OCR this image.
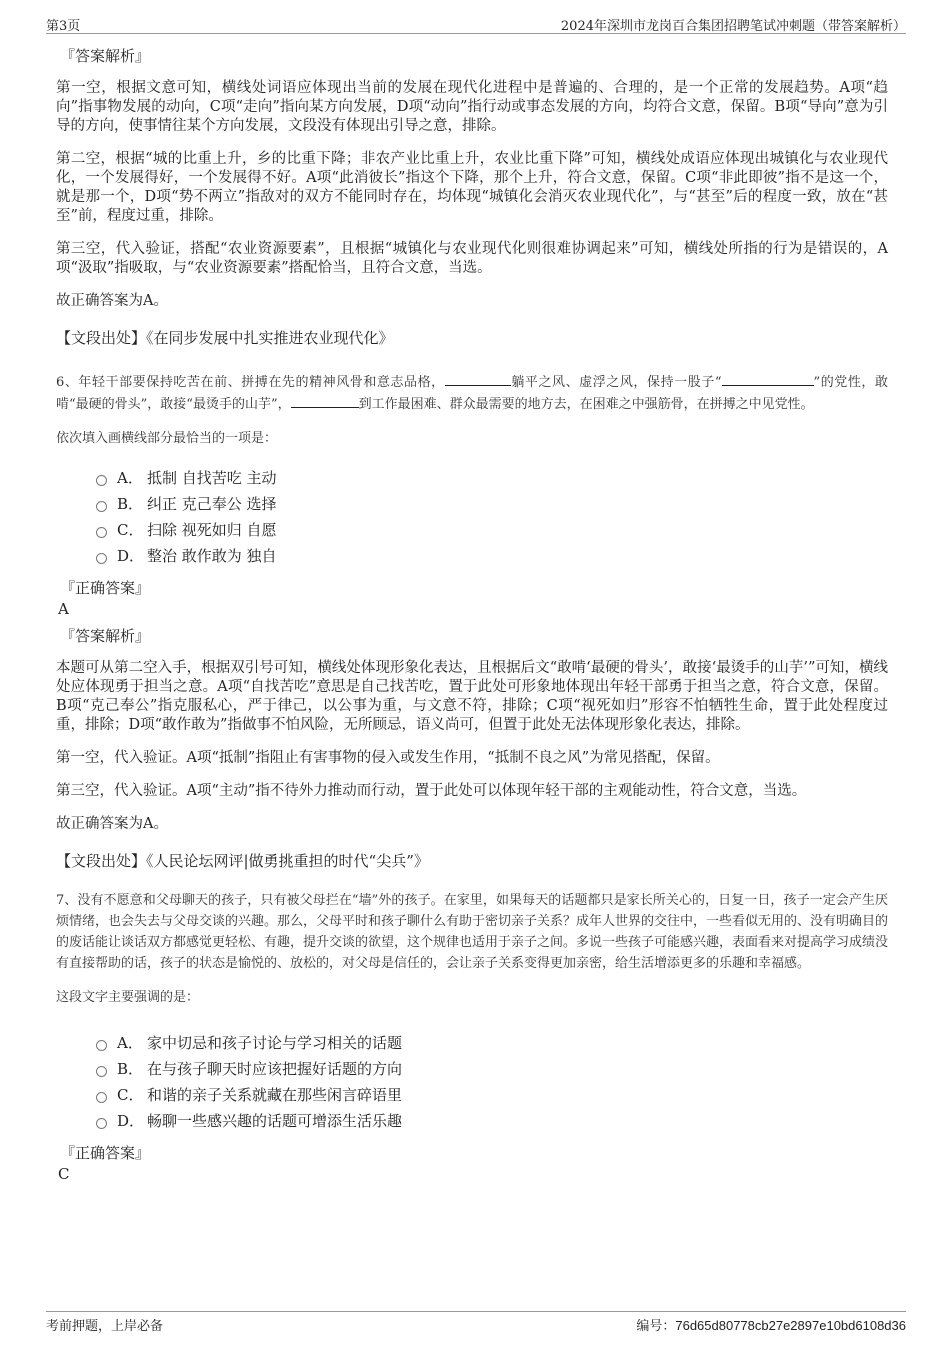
第3页	2024年深圳市龙岗百合集团招聘笔试冲刺题（带答案解析）
『答案解析』
第一空，根据文意可知，横线处词语应体现出当前的发展在现代化进程中是普遍的、合理的，是一个正常的发展趋势。A项“趋向”指事物发展的动向，C项“走向”指向某方向发展，D项“动向”指行动或事态发展的方向，均符合文意，保留。B项“导向”意为引导的方向，使事情往某个方向发展，文段没有体现出引导之意，排除。
第二空，根据“城的比重上升，乡的比重下降；非农产业比重上升，农业比重下降”可知，横线处成语应体现出城镇化与农业现代化，一个发展得好，一个发展得不好。A项“此消彼长”指这个下降，那个上升，符合文意，保留。C项“非此即彼”指不是这一个，就是那一个，D项“势不两立”指敌对的双方不能同时存在，均体现“城镇化会消灭农业现代化”，与“甚至”后的程度一致，放在“甚至”前，程度过重，排除。
第三空，代入验证，搭配“农业资源要素”，且根据“城镇化与农业现代化则很难协调起来”可知，横线处所指的行为是错误的，A项“汲取”指吸取，与“农业资源要素”搭配恰当，且符合文意，当选。
故正确答案为A。
【文段出处】《在同步发展中扎实推进农业现代化》
6、年轻干部要保持吃苦在前、拼搏在先的精神风骨和意志品格，	躺平之风、虚浮之风，保持一股子“	”的党性，敢啃“最硬的骨头”，敢接“最烫手的山芋”，	到工作最困难、群众最需要的地方去，在困难之中强筋骨，在拼搏之中见党性。
依次填入画横线部分最恰当的一项是：
A． 抵制 自找苦吃 主动
B． 纠正 克己奉公 选择
C． 扫除 视死如归 自愿
D． 整治 敢作敢为 独自
『正确答案』
A
『答案解析』
本题可从第二空入手，根据双引号可知，横线处体现形象化表达，且根据后文“敢啃‘最硬的骨头’，敢接‘最烫手的山芋’”可知，横线处应体现勇于担当之意。A项“自找苦吃”意思是自己找苦吃，置于此处可形象地体现出年轻干部勇于担当之意，符合文意，保留。B项“克己奉公”指克服私心，严于律己，以公事为重，与文意不符，排除；C项“视死如归”形容不怕牺牲生命，置于此处程度过重，排除；D项“敢作敢为”指做事不怕风险，无所顾忌，语义尚可，但置于此处无法体现形象化表达，排除。
第一空，代入验证。A项“抵制”指阻止有害事物的侵入或发生作用，“抵制不良之风”为常见搭配，保留。
第三空，代入验证。A项“主动”指不待外力推动而行动，置于此处可以体现年轻干部的主观能动性，符合文意，当选。
故正确答案为A。
【文段出处】《人民论坛网评|做勇挑重担的时代“尖兵”》
7、没有不愿意和父母聊天的孩子，只有被父母拦在“墙”外的孩子。在家里，如果每天的话题都只是家长所关心的，日复一日，孩子一定会产生厌烦情绪，也会失去与父母交谈的兴趣。那么，父母平时和孩子聊什么有助于密切亲子关系？成年人世界的交往中，一些看似无用的、没有明确目的的废话能让谈话双方都感觉更轻松、有趣，提升交谈的欲望，这个规律也适用于亲子之间。多说一些孩子可能感兴趣，表面看来对提高学习成绩没有直接帮助的话，孩子的状态是愉悦的、放松的，对父母是信任的，会让亲子关系变得更加亲密，给生活增添更多的乐趣和幸福感。
这段文字主要强调的是：
A． 家中切忌和孩子讨论与学习相关的话题
B． 在与孩子聊天时应该把握好话题的方向
C． 和谐的亲子关系就藏在那些闲言碎语里
D． 畅聊一些感兴趣的话题可增添生活乐趣
『正确答案』
C
考前押题，上岸必备	编号：76d65d80778cb27e2897e10bd6108d36
